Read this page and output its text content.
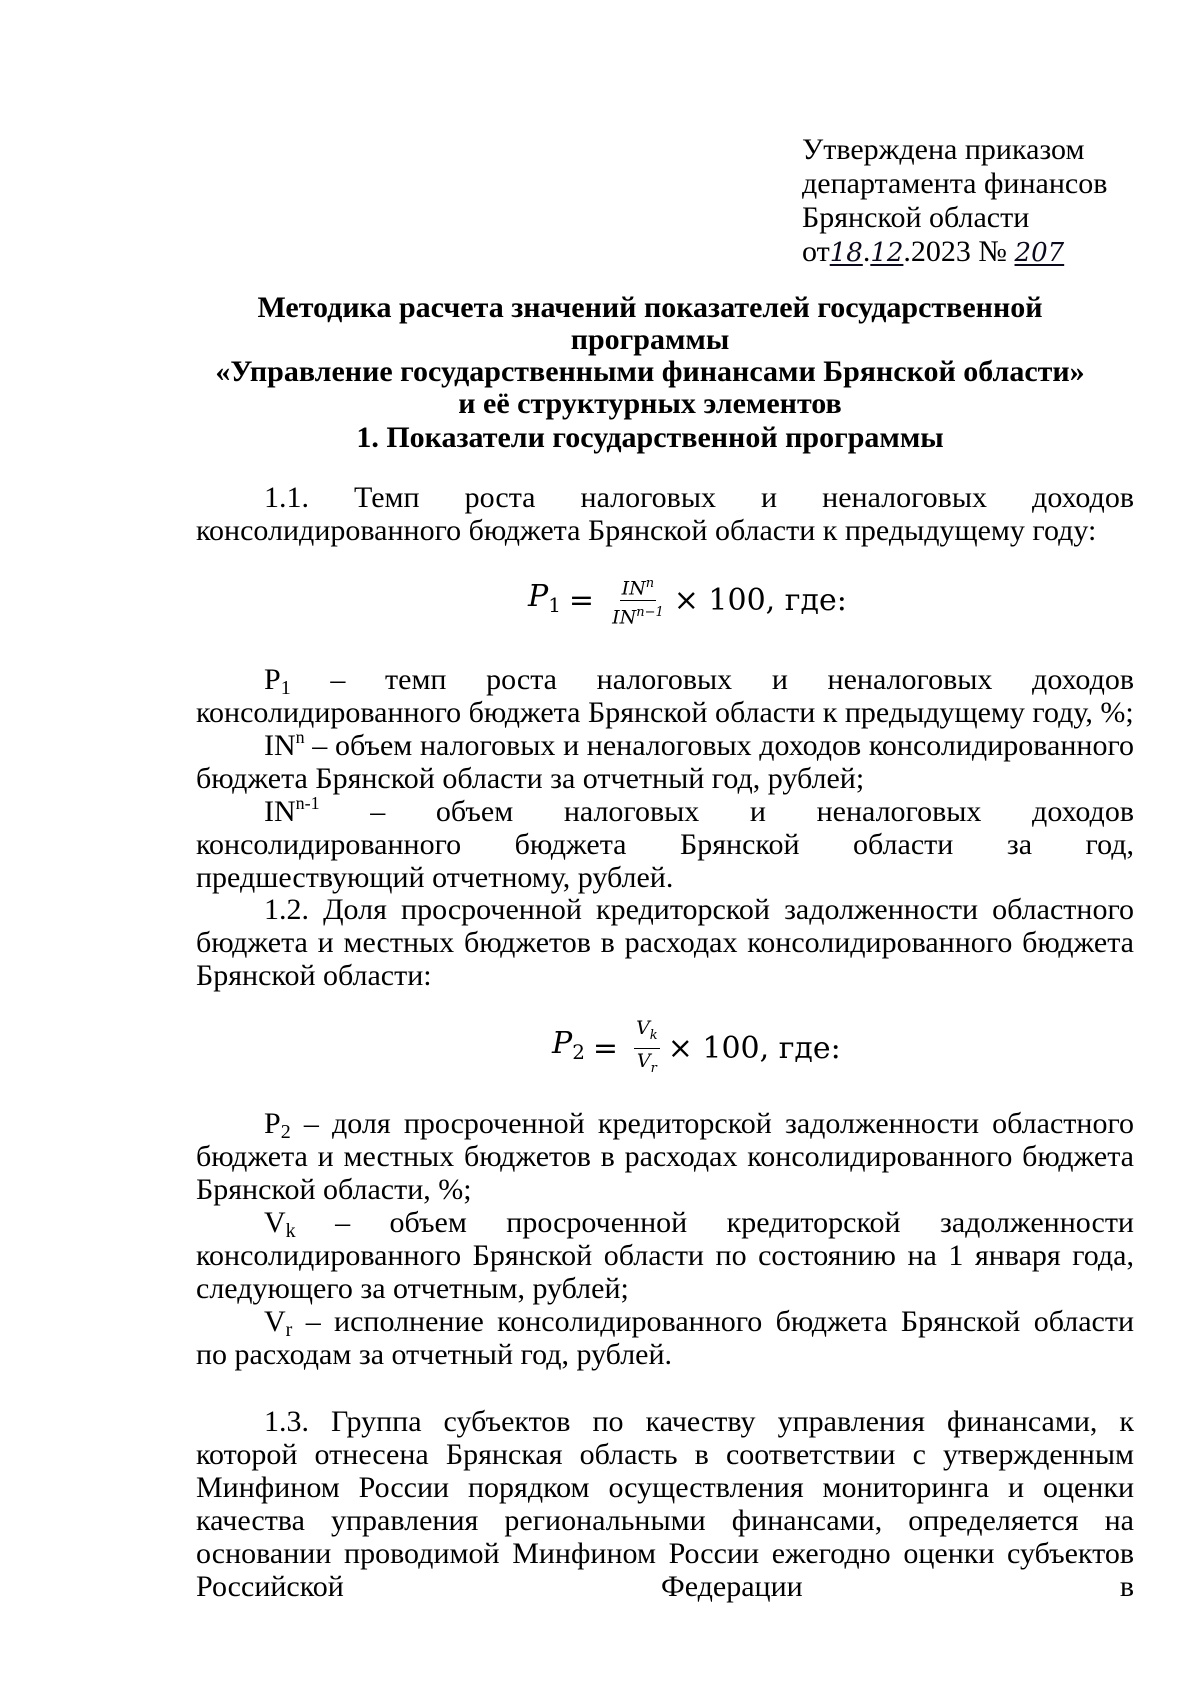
Утверждена приказом
департамента финансов
Брянской области
от18.12.2023 № 207
Методика расчета значений показателей государственной программы
«Управление государственными финансами Брянской области»
и её структурных элементов
1. Показатели государственной программы

1.1. Темп роста налоговых и неналоговых доходов консолидированного бюджета Брянской области к предыдущему году:

$P_1 = \frac{IN^n}{IN^{n-1}} \times 100$, где:

$P_1$ – темп роста налоговых и неналоговых доходов консолидированного бюджета Брянской области к предыдущему году, %;

$IN^n$ – объем налоговых и неналоговых доходов консолидированного бюджета Брянской области за отчетный год, рублей;

IN$^{n-1}$ – объем налоговых и неналоговых доходов консолидированного бюджета Брянской области за год, предшествующий отчетному, рублей.

1.2. Доля просроченной кредиторской задолженности областного бюджета и местных бюджетов в расходах консолидированного бюджета Брянской области:

$P_2 = \frac{V_k}{V_r} \times 100$, где:

$P_2$ – доля просроченной кредиторской задолженности областного бюджета и местных бюджетов в расходах консолидированного бюджета Брянской области, %;

$V_k$ – объем просроченной кредиторской задолженности консолидированного Брянской области по состоянию на 1 января года, следующего за отчетным, рублей;

$V_r$ – исполнение консолидированного бюджета Брянской области по расходам за отчетный год, рублей.

1.3. Группа субъектов по качеству управления финансами, к которой отнесена Брянская область в соответствии с утвержденным Минфином России порядком осуществления мониторинга и оценки качества управления региональными финансами, определяется на основании проводимой Минфином России ежегодно оценки субъектов Российской Федерации в
